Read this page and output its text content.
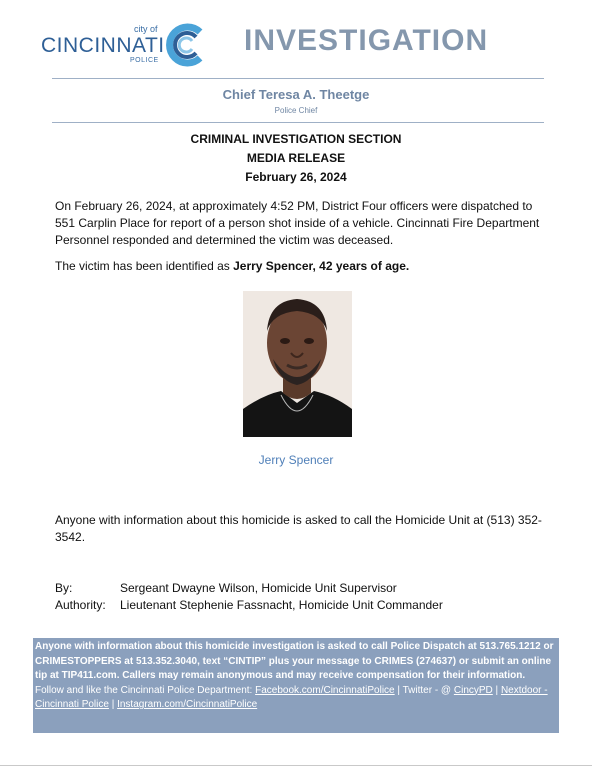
city of
CINCINNATI
POLICE
INVESTIGATION
Chief Teresa A. Theetge
Police Chief
CRIMINAL INVESTIGATION SECTION
MEDIA RELEASE
February 26, 2024

On February 26, 2024, at approximately 4:52 PM, District Four officers were dispatched to 551 Carplin Place for report of a person shot inside of a vehicle. Cincinnati Fire Department Personnel responded and determined the victim was deceased.

The victim has been identified as Jerry Spencer, 42 years of age.

Jerry Spencer

Anyone with information about this homicide is asked to call the Homicide Unit at (513) 352-3542.

By:	Sergeant Dwayne Wilson, Homicide Unit Supervisor
Authority: Lieutenant Stephenie Fassnacht, Homicide Unit Commander

Anyone with information about this homicide investigation is asked to call Police Dispatch at 513.765.1212 or CRIMESTOPPERS at 513.352.3040, text “CINTIP” plus your message to CRIMES (274637) or submit an online tip at TIP411.com. Callers may remain anonymous and may receive compensation for their information.

Follow and like the Cincinnati Police Department: Facebook.com/CincinnatiPolice | Twitter - @ CincyPD | Nextdoor - Cincinnati Police | Instagram.com/CincinnatiPolice
